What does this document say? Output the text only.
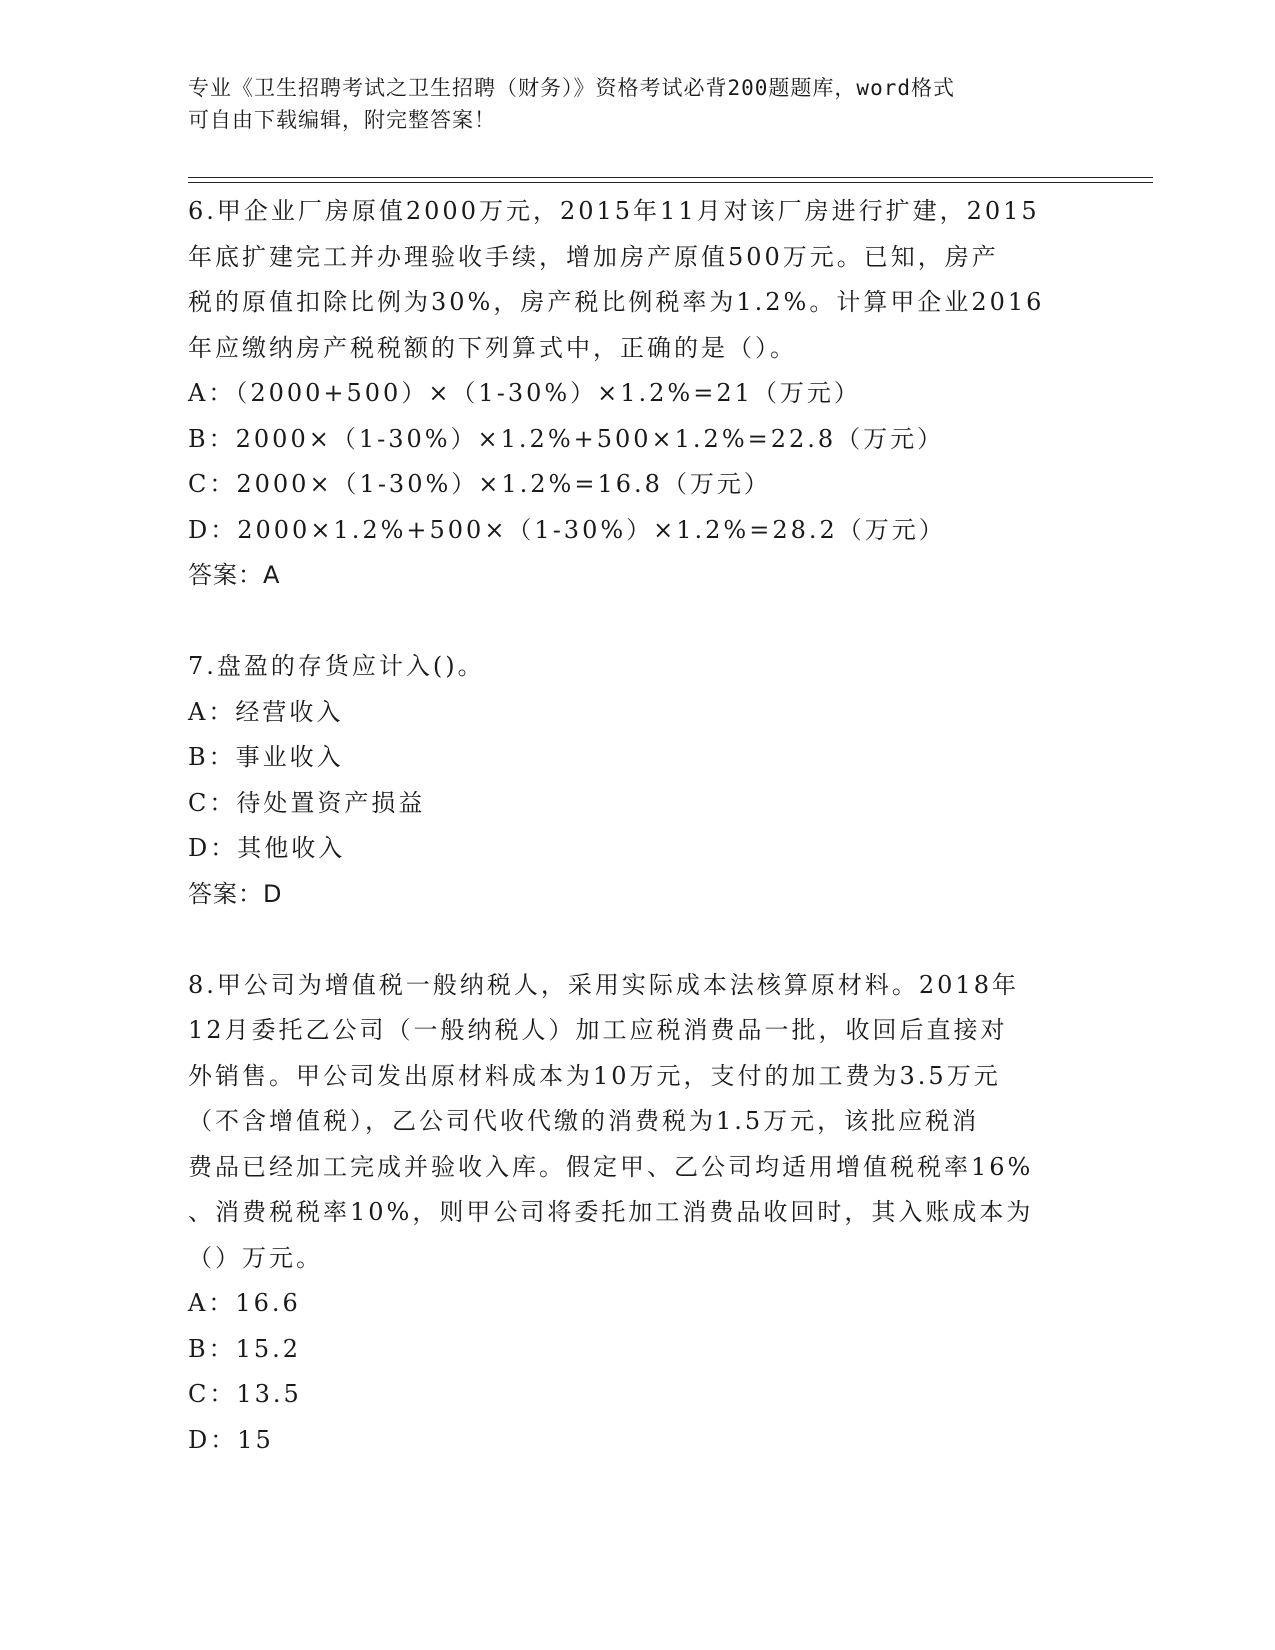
专业《卫生招聘考试之卫生招聘（财务）》资格考试必背200题题库，word格式
可自由下载编辑，附完整答案！
6.甲企业厂房原值2000万元，2015年11月对该厂房进行扩建，2015
年底扩建完工并办理验收手续，增加房产原值500万元。已知，房产
税的原值扣除比例为30%，房产税比例税率为1.2%。计算甲企业2016
年应缴纳房产税税额的下列算式中，正确的是（）。
A：（2000+500）×（1-30%）×1.2%=21（万元）
B：2000×（1-30%）×1.2%+500×1.2%=22.8（万元）
C：2000×（1-30%）×1.2%=16.8（万元）
D：2000×1.2%+500×（1-30%）×1.2%=28.2（万元）
答案：A
7.盘盈的存货应计入()。
A：经营收入
B：事业收入
C：待处置资产损益
D：其他收入
答案：D
8.甲公司为增值税一般纳税人，采用实际成本法核算原材料。2018年
12月委托乙公司（一般纳税人）加工应税消费品一批，收回后直接对
外销售。甲公司发出原材料成本为10万元，支付的加工费为3.5万元
（不含增值税），乙公司代收代缴的消费税为1.5万元，该批应税消
费品已经加工完成并验收入库。假定甲、乙公司均适用增值税税率16%
、消费税税率10%，则甲公司将委托加工消费品收回时，其入账成本为
（）万元。
A：16.6
B：15.2
C：13.5
D：15
